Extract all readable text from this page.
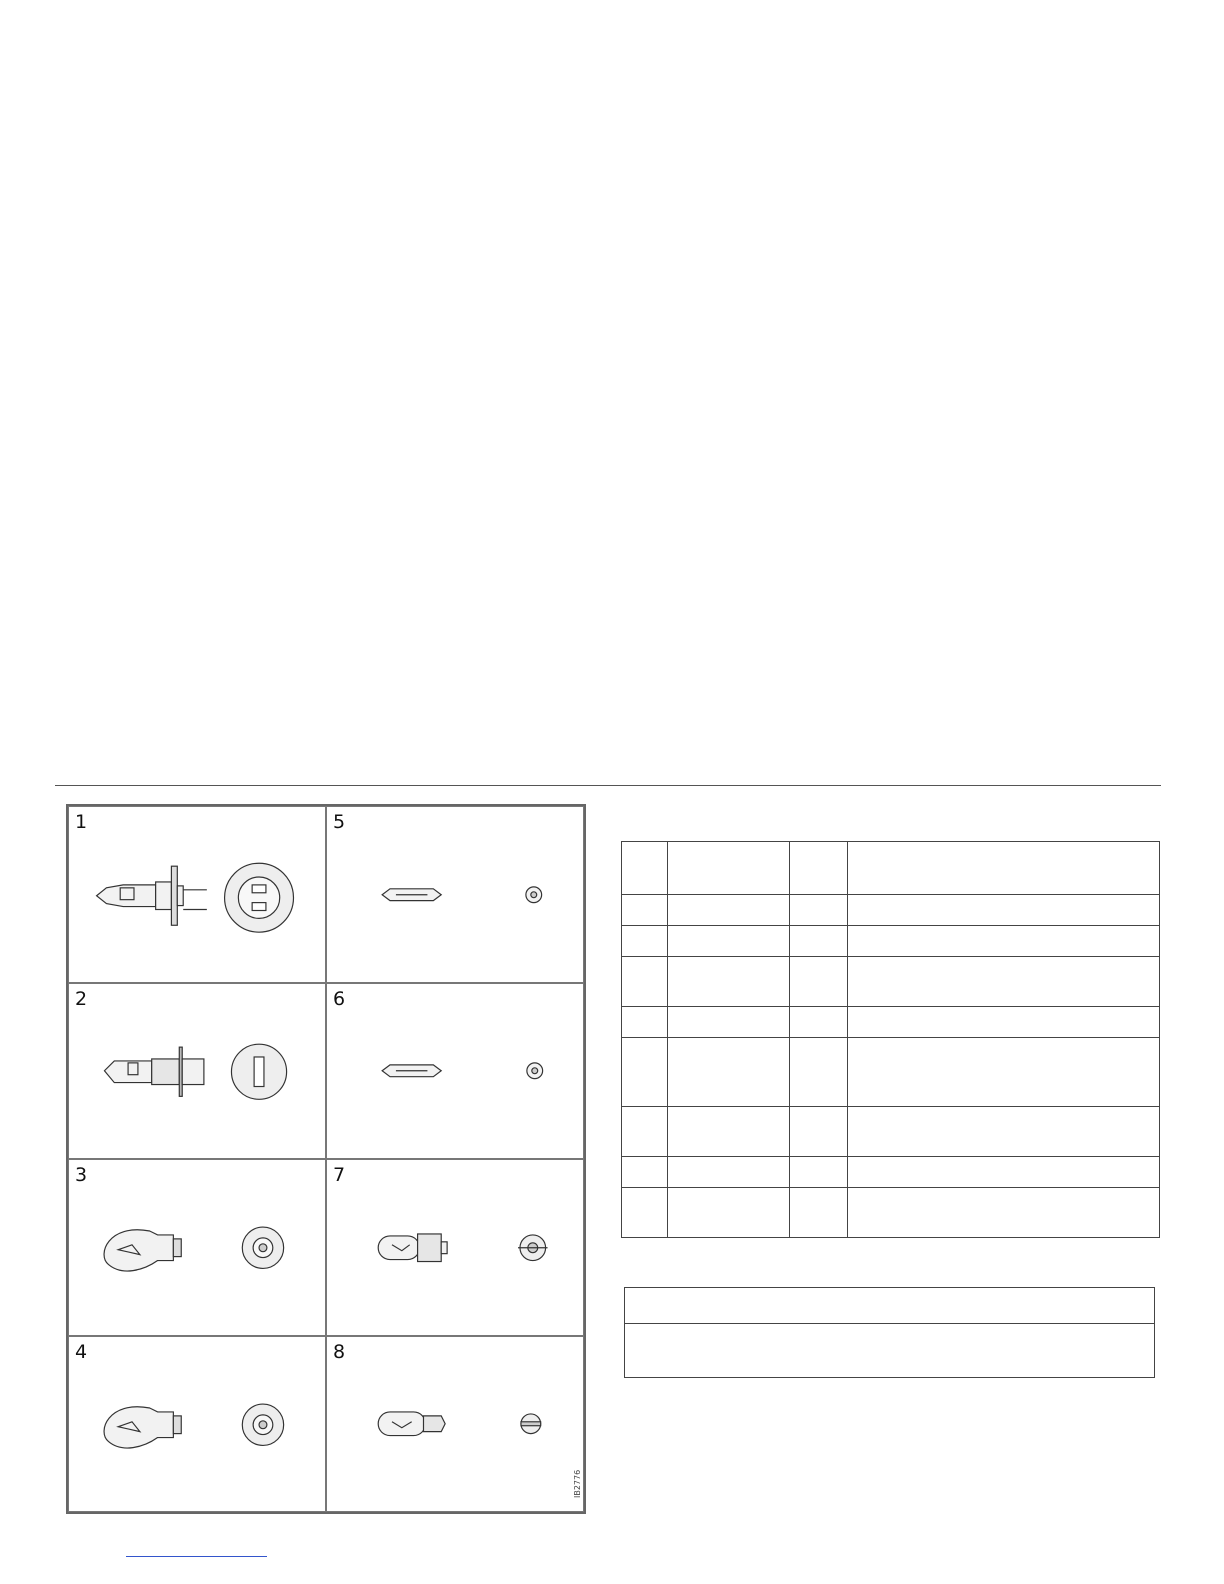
1	5
2	6
3	7
4	8
IB2776
